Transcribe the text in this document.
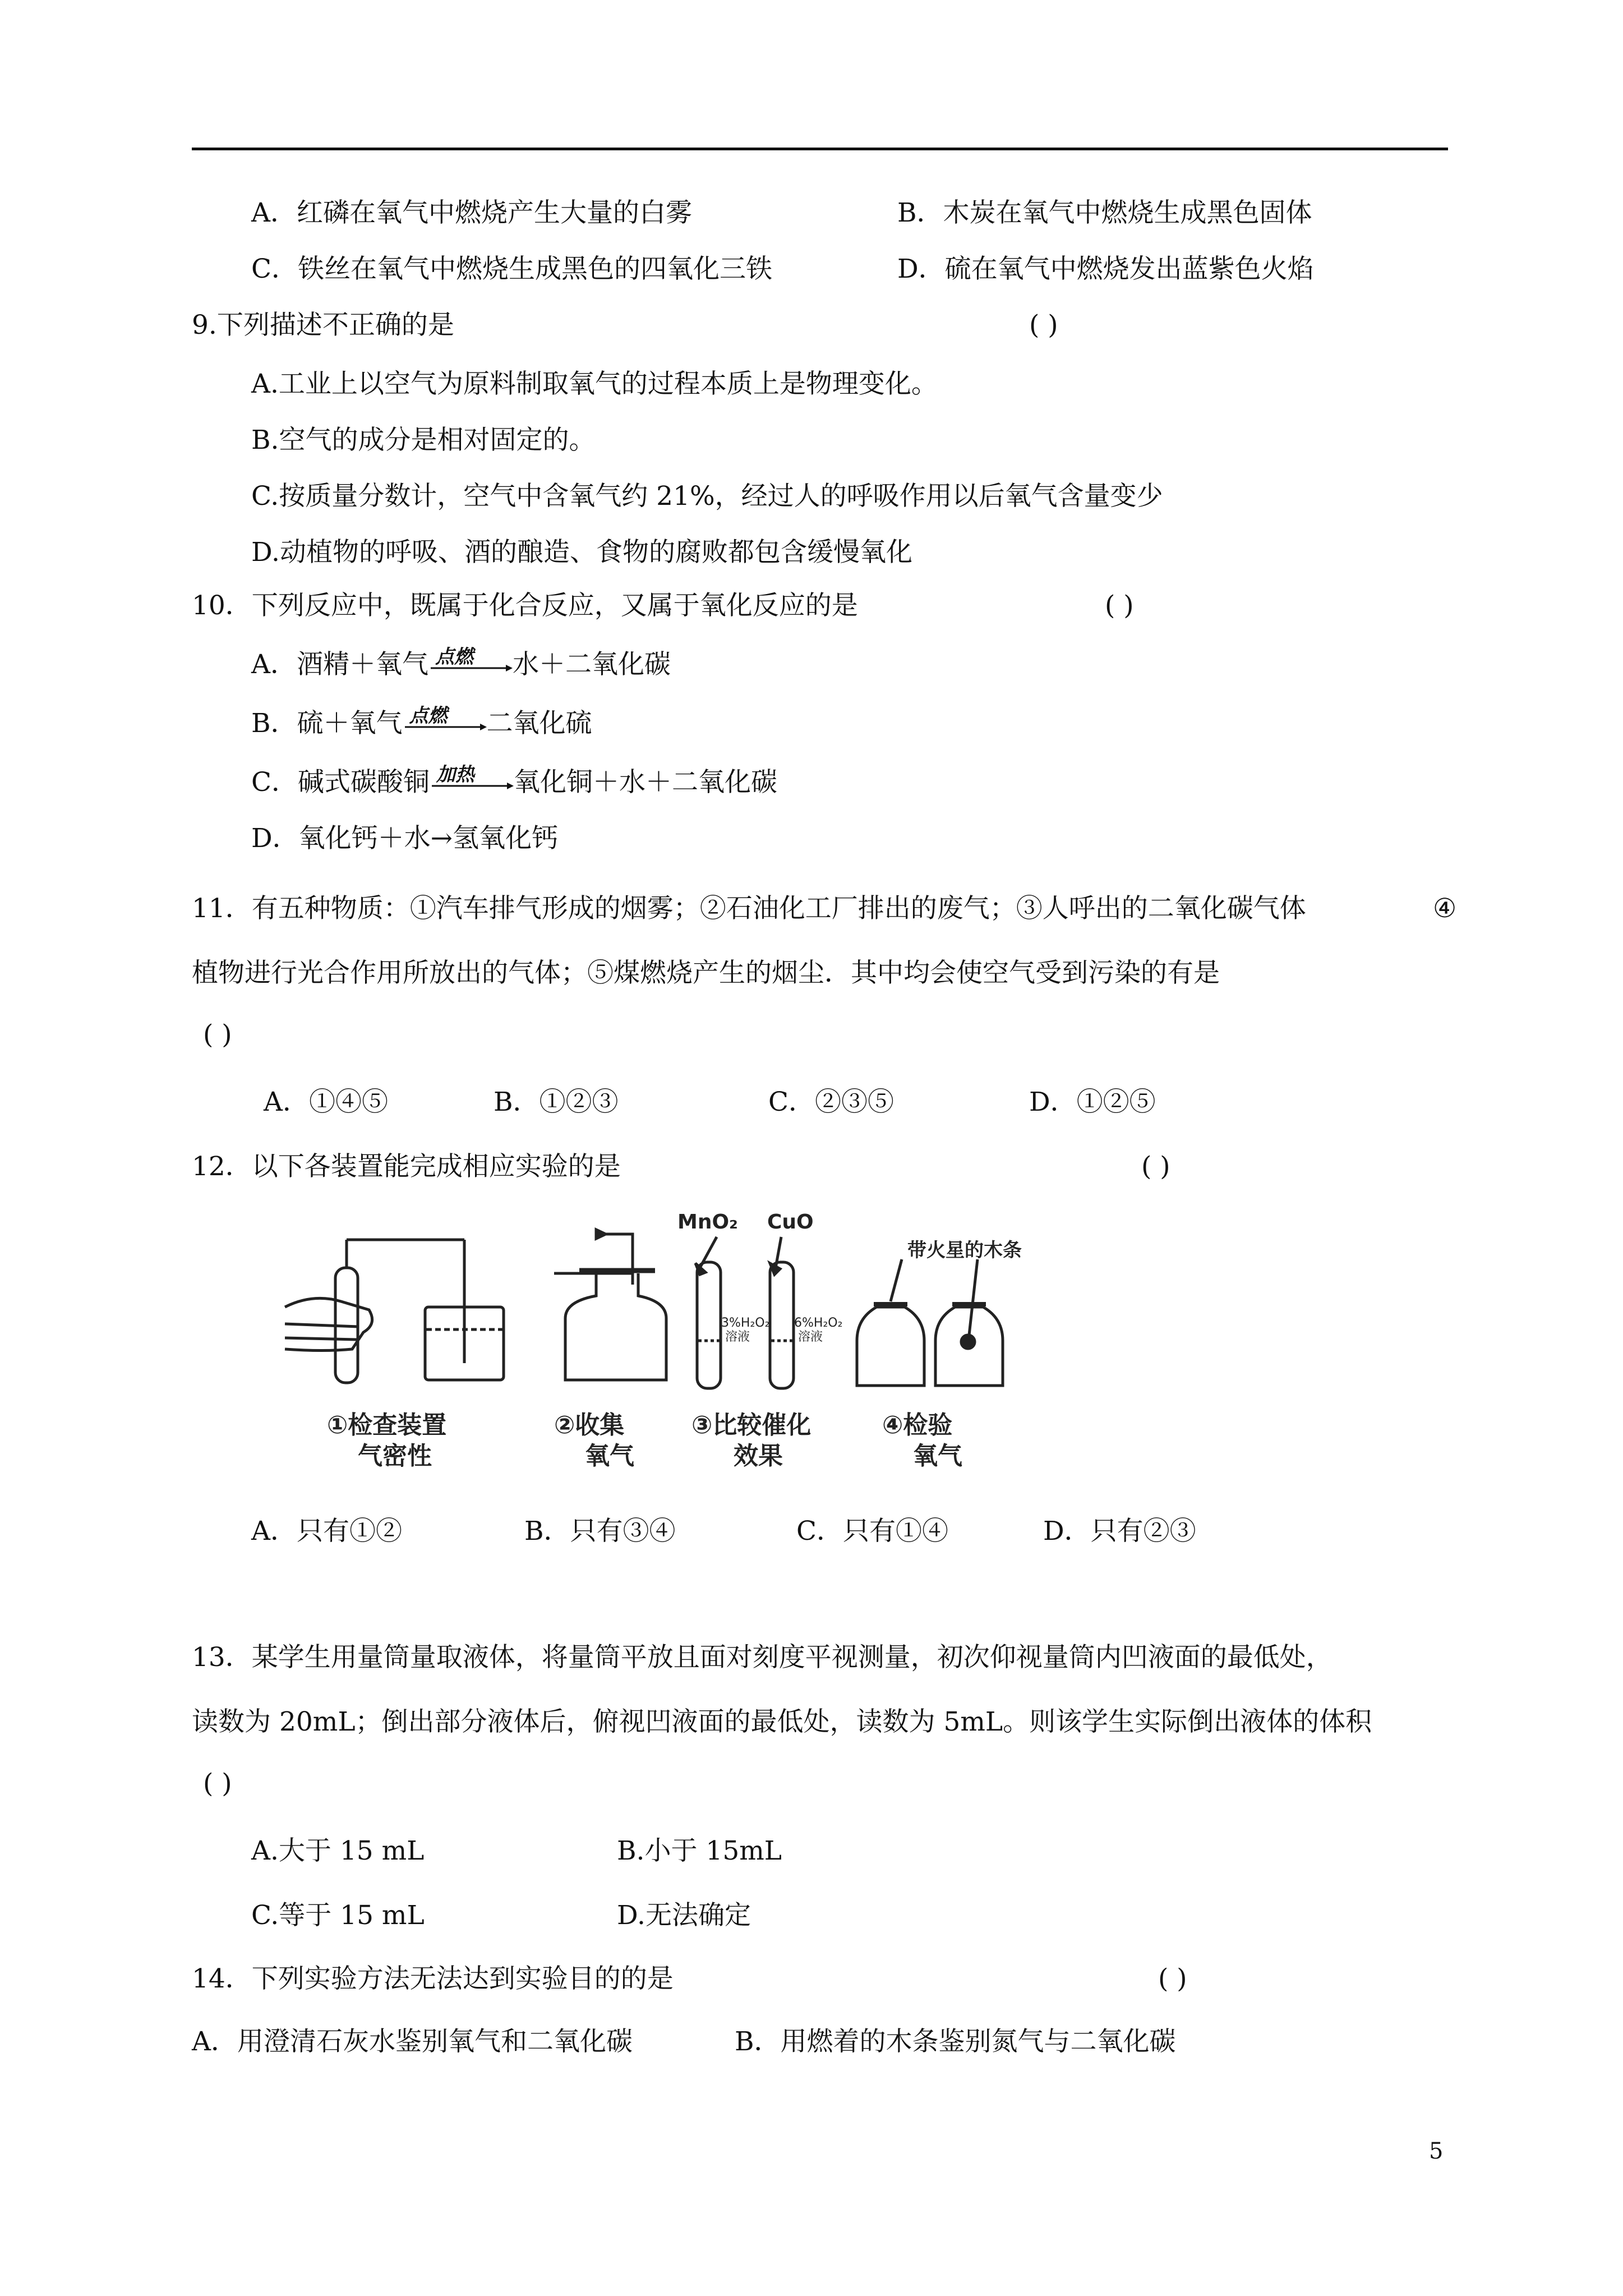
A．红磷在氧气中燃烧产生大量的白雾	B．木炭在氧气中燃烧生成黑色固体
C．铁丝在氧气中燃烧生成黑色的四氧化三铁	D．硫在氧气中燃烧发出蓝紫色火焰
9.下列描述不正确的是	( )
A.工业上以空气为原料制取氧气的过程本质上是物理变化。
B.空气的成分是相对固定的。
C.按质量分数计，空气中含氧气约 21%，经过人的呼吸作用以后氧气含量变少
D.动植物的呼吸、酒的酿造、食物的腐败都包含缓慢氧化
10．下列反应中，既属于化合反应，又属于氧化反应的是	( )
A．酒精＋氧气 点燃 水＋二氧化碳
B．硫＋氧气 点燃 二氧化硫
C．碱式碳酸铜 加热 氧化铜＋水＋二氧化碳
D．氧化钙＋水→氢氧化钙
11．有五种物质：①汽车排气形成的烟雾；②石油化工厂排出的废气；③人呼出的二氧化碳气体	④
植物进行光合作用所放出的气体；⑤煤燃烧产生的烟尘．其中均会使空气受到污染的有是
( )
A．①④⑤	B．①②③	C．②③⑤	D．①②⑤
12．以下各装置能完成相应实验的是	( )
MnO₂ CuO
带火星的木条
3%H₂O₂
溶液
6%H₂O₂
溶液
①检查装置
气密性
②收集
氧气
③比较催化
效果
④检验
氧气
A．只有①②	B．只有③④	C．只有①④	D．只有②③
13．某学生用量筒量取液体，将量筒平放且面对刻度平视测量，初次仰视量筒内凹液面的最低处，
读数为 20mL；倒出部分液体后，俯视凹液面的最低处，读数为 5mL。则该学生实际倒出液体的体积
( )
A.大于 15 mL	B.小于 15mL
C.等于 15 mL	D.无法确定
14．下列实验方法无法达到实验目的的是	( )
A．用澄清石灰水鉴别氧气和二氧化碳	B．用燃着的木条鉴别氮气与二氧化碳
5
